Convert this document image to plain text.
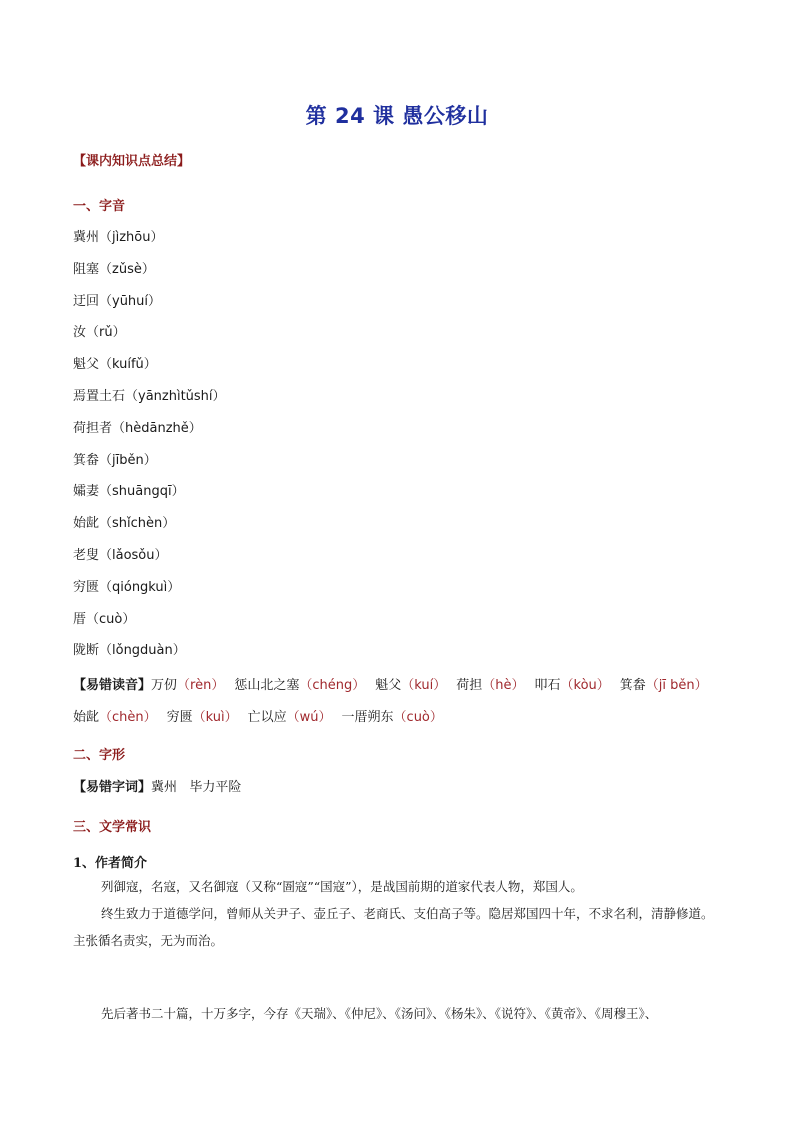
第 24 课 愚公移山
【课内知识点总结】
一、字音
冀州（jìzhōu）
阻塞（zǔsè）
迂回（yūhuí）
汝（rǔ）
魁父（kuífǔ）
焉置土石（yānzhìtǔshí）
荷担者（hèdānzhě）
箕畚（jīběn）
孀妻（shuāngqī）
始龀（shǐchèn）
老叟（lǎosǒu）
穷匮（qióngkuì）
厝（cuò）
陇断（lǒngduàn）
【易错读音】万仞（rèn） 惩山北之塞（chéng） 魁父（kuí） 荷担（hè） 叩石（kòu） 箕畚（jī běn）
始龀（chèn） 穷匮（kuì） 亡以应（wú） 一厝朔东（cuò）
二、字形
【易错字词】冀州   毕力平险
三、文学常识
1、作者简介
列御寇，名寇，又名御寇（又称“圄寇”“国寇”），是战国前期的道家代表人物，郑国人。
终生致力于道德学问，曾师从关尹子、壶丘子、老商氏、支伯高子等。隐居郑国四十年，不求名利，清静修道。主张循名责实，无为而治。
先后著书二十篇，十万多字，今存《天瑞》、《仲尼》、《汤问》、《杨朱》、《说符》、《黄帝》、《周穆王》、
